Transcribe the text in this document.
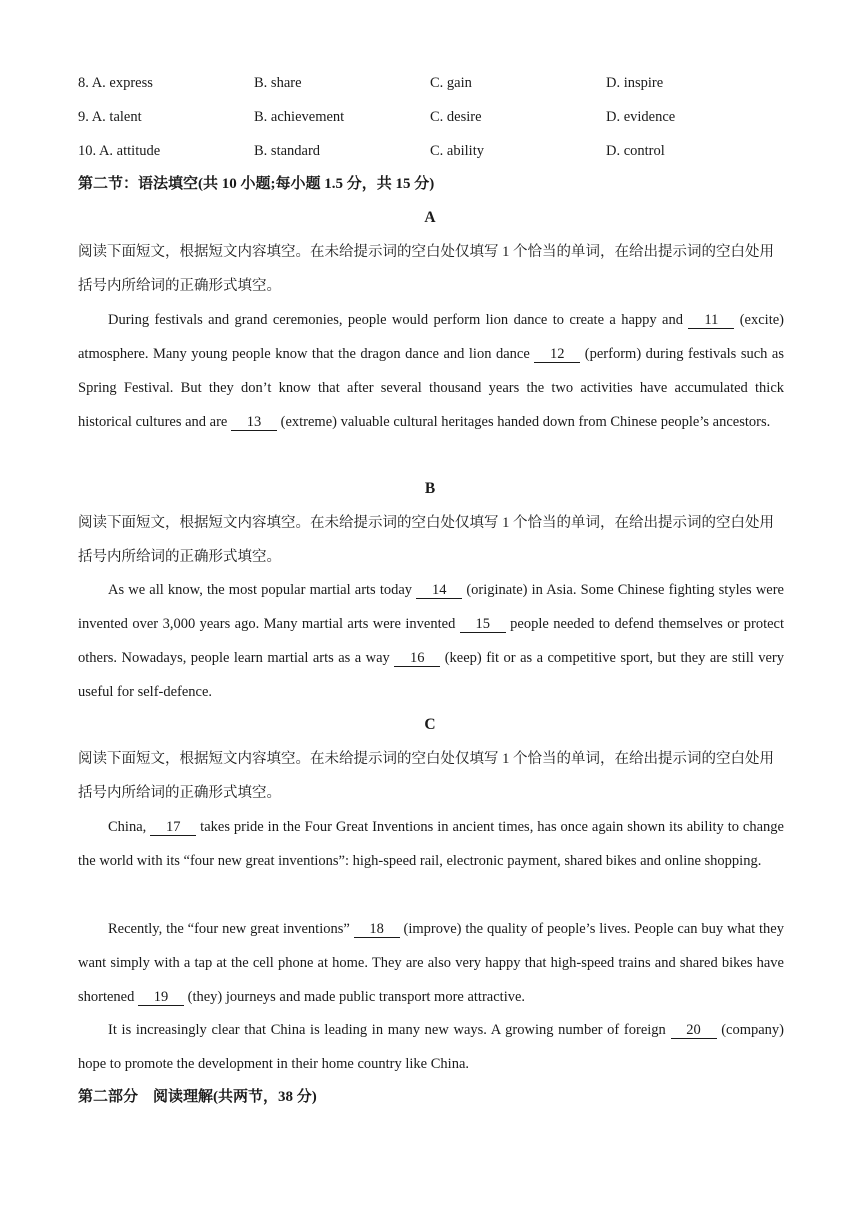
8. A. express	B. share	C. gain	D. inspire
9. A. talent	B. achievement	C. desire	D. evidence
10. A. attitude	B. standard	C. ability	D. control
第二节：语法填空(共 10 小题;每小题 1.5 分，共 15 分)
A
阅读下面短文，根据短文内容填空。在未给提示词的空白处仅填写 1 个恰当的单词，在给出提示词的空白处用括号内所给词的正确形式填空。
During festivals and grand ceremonies, people would perform lion dance to create a happy and 11 (excite) atmosphere. Many young people know that the dragon dance and lion dance 12 (perform) during festivals such as Spring Festival. But they don’t know that after several thousand years the two activities have accumulated thick historical cultures and are 13 (extreme) valuable cultural heritages handed down from Chinese people’s ancestors.
B
阅读下面短文，根据短文内容填空。在未给提示词的空白处仅填写 1 个恰当的单词，在给出提示词的空白处用括号内所给词的正确形式填空。
As we all know, the most popular martial arts today 14 (originate) in Asia. Some Chinese fighting styles were invented over 3,000 years ago. Many martial arts were invented 15 people needed to defend themselves or protect others. Nowadays, people learn martial arts as a way 16 (keep) fit or as a competitive sport, but they are still very useful for self-defence.
C
阅读下面短文，根据短文内容填空。在未给提示词的空白处仅填写 1 个恰当的单词，在给出提示词的空白处用括号内所给词的正确形式填空。
China, 17 takes pride in the Four Great Inventions in ancient times, has once again shown its ability to change the world with its “four new great inventions”: high-speed rail, electronic payment, shared bikes and online shopping.
Recently, the “four new great inventions” 18 (improve) the quality of people’s lives. People can buy what they want simply with a tap at the cell phone at home. They are also very happy that high-speed trains and shared bikes have shortened 19 (they) journeys and made public transport more attractive.
It is increasingly clear that China is leading in many new ways. A growing number of foreign 20 (company) hope to promote the development in their home country like China.
第二部分　阅读理解(共两节，38 分)
